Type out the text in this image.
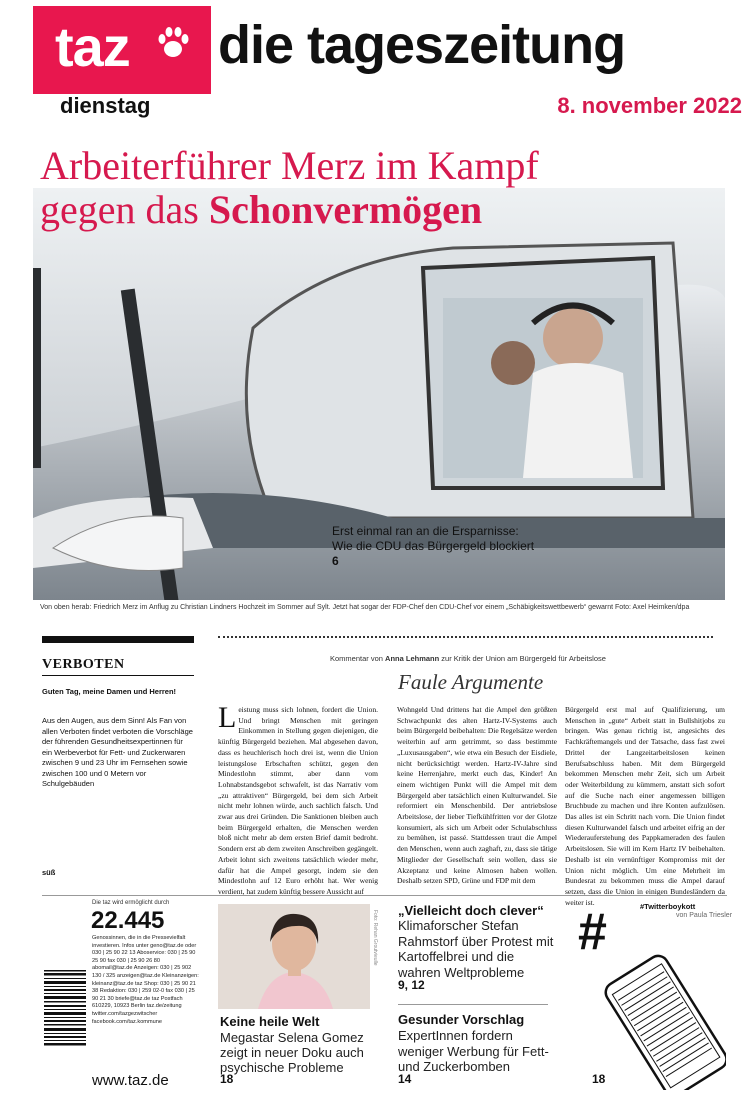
taz die tageszeitung
dienstag	8. november 2022
Arbeiterführer Merz im Kampf
gegen das Schonvermögen
Erst einmal ran an die Ersparnisse:
Wie die CDU das Bürgergeld blockiert
6
Von oben herab: Friedrich Merz im Anflug zu Christian Lindners Hochzeit im Sommer auf Sylt. Jetzt hat sogar der FDP-Chef den CDU-Chef vor einem „Schäbigkeitswettbewerb“ gewarnt Foto: Axel Heimken/dpa
VERBOTEN
Guten Tag, meine Damen und Herren!
Aus den Augen, aus dem Sinn! Als Fan von allen Verboten findet verboten die Vorschläge der führenden Gesundheitsexpertinnen für ein Werbeverbot für Fett- und Zuckerwaren zwischen 9 und 23 Uhr im Fernsehen sowie zwischen 100 und 0 Metern vor Schulgebäuden
süß
Kommentar von Anna Lehmann zur Kritik der Union am Bürgergeld für Arbeitslose
Faule Argumente
Leistung muss sich lohnen, fordert die Union. Und bringt Menschen mit geringen Einkommen in Stellung gegen diejenigen, die künftig Bürgergeld beziehen. Mal abgesehen davon, dass es heuchlerisch hoch drei ist, wenn die Union leistungslose Erbschaften schützt, gegen den Mindestlohn stimmt, aber dann vom Lohnabstandsgebot schwafelt, ist das Narrativ vom „zu attraktiven“ Bürgergeld, bei dem sich Arbeit nicht mehr lohnen würde, auch sachlich falsch. Und zwar aus drei Gründen. Die Sanktionen bleiben auch beim Bürgergeld erhalten, die Menschen werden bloß nicht mehr ab dem ersten Brief damit bedroht. Sondern erst ab dem zweiten Anschreiben gegängelt. Arbeit lohnt sich zweitens tatsächlich wieder mehr, dafür hat die Ampel gesorgt, indem sie den Mindestlohn auf 12 Euro erhöht hat. Wer wenig verdient, hat zudem künftig bessere Aussicht auf
Wohngeld Und drittens hat die Ampel den größten Schwachpunkt des alten Hartz-IV-Systems auch beim Bürgergeld beibehalten: Die Regelsätze werden weiterhin auf arm getrimmt, so dass bestimmte „Luxusausgaben“, wie etwa ein Besuch der Eisdiele, nicht berücksichtigt werden. Hartz-IV-Jahre sind keine Herrenjahre, merkt euch das, Kinder! An einem wichtigen Punkt will die Ampel mit dem Bürgergeld aber tatsächlich einen Kulturwandel. Sie reformiert ein Menschenbild. Der antriebslose Arbeitslose, der lieber Tiefkühlfritten vor der Glotze konsumiert, als sich um Arbeit oder Schulabschluss zu bemühen, ist passé. Stattdessen traut die Ampel den Menschen, wenn auch zaghaft, zu, dass sie tätige Mitglieder der Gesellschaft sein wollen, dass sie Akzeptanz und keine Almosen haben wollen. Deshalb setzen SPD, Grüne und FDP mit dem
Bürgergeld erst mal auf Qualifizierung, um Menschen in „gute“ Arbeit statt in Bullshitjobs zu bringen. Was genau richtig ist, angesichts des Fachkräftemangels und der Tatsache, dass fast zwei Drittel der Langzeitarbeitslosen keinen Berufsabschluss haben. Mit dem Bürgergeld bekommen Menschen mehr Zeit, sich um Arbeit oder Weiterbildung zu kümmern, anstatt sich sofort auf die Suche nach einer angemessen billigen Bruchbude zu machen und ihre Konten aufzulösen. Das alles ist ein Schritt nach vorn. Die Union findet diesen Kulturwandel falsch und arbeitet eifrig an der Wiederauferstehung des Pappkameraden des faulen Arbeitslosen. Sie will im Kern Hartz IV beibehalten. Deshalb ist ein vernünftiger Kompromiss mit der Union nicht möglich. Um eine Mehrheit im Bundesrat zu bekommen muss die Ampel darauf setzen, dass die Union in einigen Bundesländern da weiter ist.
Die taz wird ermöglicht durch
22.445
Genossinnen, die in die Pressevielfalt investieren. Infos unter geno@taz.de oder 030 | 25 90 22 13 Aboservice: 030 | 25 90 25 90 fax 030 | 25 90 26 80 abomail@taz.de Anzeigen: 030 | 25 902 130 / 325 anzeigen@taz.de Kleinanzeigen: kleinanz@taz.de taz Shop: 030 | 25 90 21 38 Redaktion: 030 | 259 02-0 fax 030 | 25 90 21 30 briefe@taz.de taz Postfach 610229, 10923 Berlin taz.de/zeitung twitter.com/tazgezwitscher facebook.com/taz.kommune
www.taz.de
Foto: Rehan Groutvieulle
Keine heile Welt
Megastar Selena Gomez zeigt in neuer Doku auch psychische Probleme
18
„Vielleicht doch clever“
Klimaforscher Stefan Rahmstorf über Protest mit Kartoffelbrei und die wahren Weltprobleme
9, 12
Gesunder Vorschlag
ExpertInnen fordern weniger Werbung für Fett- und Zuckerbomben
14
#Twitterboykott
von Paula Triesler
#
18
